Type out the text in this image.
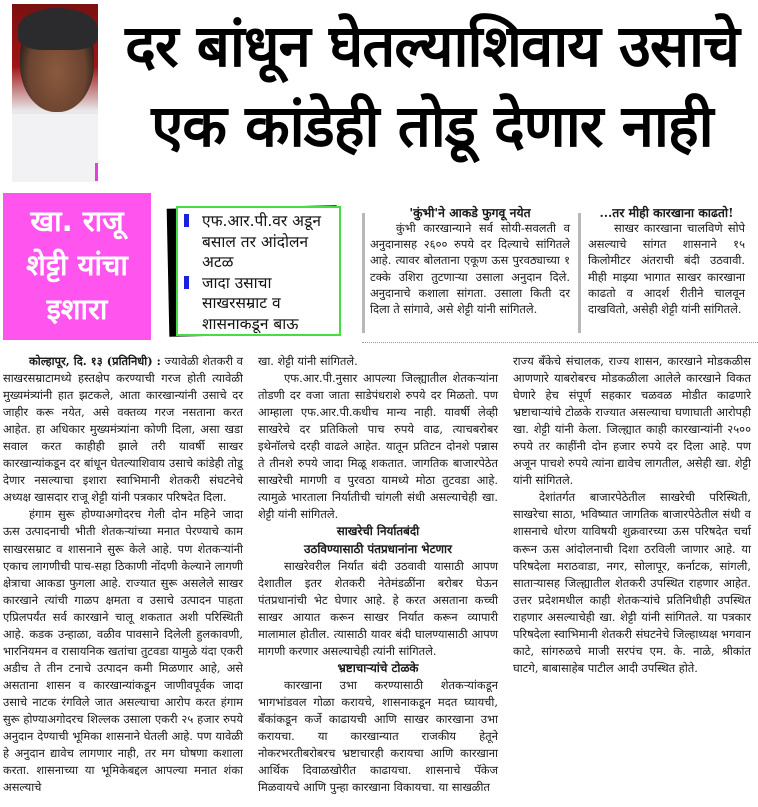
दर बांधून घेतल्याशिवाय उसाचे
एक कांडेही तोडू देणार नाही
खा. राजू
शेट्टी यांचा
इशारा
एफ.आर.पी.वर अडून बसाल तर आंदोलन अटळ
जादा उसाचा साखरसम्राट व शासनाकडून बाऊ
'कुंभी'ने आकडे फुगवू नयेत
कुंभी कारखान्याने सर्व सोयी-सवलती व अनुदानासह २६०० रुपये दर दिल्याचे सांगितले आहे. त्यावर बोलताना एकूण ऊस पुरवठ्याच्या १ टक्के उशिरा तुटणाऱ्या उसाला अनुदान दिले. अनुदानाचे कशाला सांगता. उसाला किती दर दिला ते सांगावे, असे शेट्टी यांनी सांगितले.
...तर मीही कारखाना काढतो!
साखर कारखाना चालविणे सोपे असल्याचे सांगत शासनाने १५ किलोमीटर अंतराची बंदी उठवावी. मीही माझ्या भागात साखर कारखाना काढतो व आदर्श रीतीने चालवून दाखवितो, असेही शेट्टी यांनी सांगितले.

कोल्हापूर, दि. १३ (प्रतिनिधी) : ज्यावेळी शेतकरी व साखरसम्राटामध्ये हस्तक्षेप करण्याची गरज होती त्यावेळी मुख्यमंत्र्यांनी हात झटकले, आता कारखान्यांनी उसाचे दर जाहीर करू नयेत, असे वक्तव्य गरज नसताना करत आहेत. हा अधिकार मुख्यमंत्र्यांना कोणी दिला, असा खडा सवाल करत काहीही झाले तरी यावर्षी साखर कारखान्यांकडून दर बांधून घेतल्याशिवाय उसाचे कांडेही तोडू देणार नसल्याचा इशारा स्वाभिमानी शेतकरी संघटनेचे अध्यक्ष खासदार राजू शेट्टी यांनी पत्रकार परिषदेत दिला.

हंगाम सुरू होण्याअगोदरच गेली दोन महिने जादा ऊस उत्पादनाची भीती शेतकऱ्यांच्या मनात पेरण्याचे काम साखरसम्राट व शासनाने सुरू केले आहे. पण शेतकऱ्यांनी एकाच लागणीची पाच-सहा ठिकाणी नोंदणी केल्याने लागणी क्षेत्राचा आकडा फुगला आहे. राज्यात सुरू असलेले साखर कारखाने त्यांची गाळप क्षमता व उसाचे उत्पादन पाहता एप्रिलपर्यंत सर्व कारखाने चालू शकतात अशी परिस्थिती आहे. कडक उन्हाळा, वळीव पावसाने दिलेली हुलकावणी, भारनियमन व रासायनिक खतांचा तुटवडा यामुळे यंदा एकरी अडीच ते तीन टनाचे उत्पादन कमी मिळणार आहे, असे असताना शासन व कारखान्यांकडून जाणीवपूर्वक जादा उसाचे नाटक रंगविले जात असल्याचा आरोप करत हंगाम सुरू होण्याअगोदरच शिल्लक उसाला एकरी २५ हजार रुपये अनुदान देण्याची भूमिका शासनाने घेतली आहे. पण यावेळी हे अनुदान द्यावेच लागणार नाही, तर मग घोषणा कशाला करता. शासनाच्या या भूमिकेबद्दल आपल्या मनात शंका असल्याचे

खा. शेट्टी यांनी सांगितले.

एफ.आर.पी.नुसार आपल्या जिल्ह्यातील शेतकऱ्यांना तोडणी दर वजा जाता साडेपंधराशे रुपये दर मिळतो. पण आम्हाला एफ.आर.पी.कधीच मान्य नाही. यावर्षी लेव्ही साखरेचे दर प्रतिकिलो पाच रुपये वाढ, त्याचबरोबर इथेनॉलचे दरही वाढले आहेत. यातून प्रतिटन दोनशे पन्नास ते तीनशे रुपये जादा मिळू शकतात. जागतिक बाजारपेठेत साखरेची मागणी व पुरवठा यामध्ये मोठा तुटवडा आहे. त्यामुळे भारताला निर्यातीची चांगली संधी असल्याचेही खा. शेट्टी यांनी सांगितले.

साखरेची निर्यातबंदी

उठविण्यासाठी पंतप्रधानांना भेटणार

साखरेवरील निर्यात बंदी उठवावी यासाठी आपण देशातील इतर शेतकरी नेतेमंडळींना बरोबर घेऊन पंतप्रधानांची भेट घेणार आहे. हे करत असताना कच्ची साखर आयात करून साखर निर्यात करून व्यापारी मालामाल होतील. त्यासाठी यावर बंदी घालण्यासाठी आपण मागणी करणार असल्याचेही त्यांनी सांगितले.

भ्रष्टाचाऱ्यांचे टोळके

कारखाना उभा करण्यासाठी शेतकऱ्यांकडून भागभांडवल गोळा करायचे, शासनाकडून मदत घ्यायची, बँकांकडून कर्जे काढायची आणि साखर कारखाना उभा करायचा. या कारखान्यात राजकीय हेतूने नोकरभरतीबरोबरच भ्रष्टाचारही करायचा आणि कारखाना आर्थिक दिवाळखोरीत काढायचा. शासनाचे पॅकेज मिळवायचे आणि पुन्हा कारखाना विकायचा. या साखळीत

राज्य बँकेचे संचालक, राज्य शासन, कारखाने मोडकळीस आणणारे याबरोबरच मोडकळीला आलेले कारखाने विकत घेणारे हेच संपूर्ण सहकार चळवळ मोडीत काढणारे भ्रष्टाचाऱ्यांचे टोळके राज्यात असल्याचा घणाघाती आरोपही खा. शेट्टी यांनी केला. जिल्ह्यात काही कारखान्यांनी २५०० रुपये तर काहींनी दोन हजार रुपये दर दिला आहे. पण अजून पाचशे रुपये त्यांना द्यावेच लागतील, असेही खा. शेट्टी यांनी सांगितले.

देशांतर्गत बाजारपेठेतील साखरेची परिस्थिती, साखरेचा साठा, भविष्यात जागतिक बाजारपेठेतील संधी व शासनाचे धोरण याविषयी शुक्रवारच्या ऊस परिषदेत चर्चा करून ऊस आंदोलनाची दिशा ठरविली जाणार आहे. या परिषदेला मराठवाडा, नगर, सोलापूर, कर्नाटक, सांगली, साताऱ्यासह जिल्ह्यातील शेतकरी उपस्थित राहणार आहेत. उत्तर प्रदेशमधील काही शेतकऱ्यांचे प्रतिनिधीही उपस्थित राहणार असल्याचेही खा. शेट्टी यांनी सांगितले. या पत्रकार परिषदेला स्वाभिमानी शेतकरी संघटनेचे जिल्हाध्यक्ष भगवान काटे, सांगरुळचे माजी सरपंच एम. के. नाळे, श्रीकांत घाटगे, बाबासाहेब पाटील आदी उपस्थित होते.
